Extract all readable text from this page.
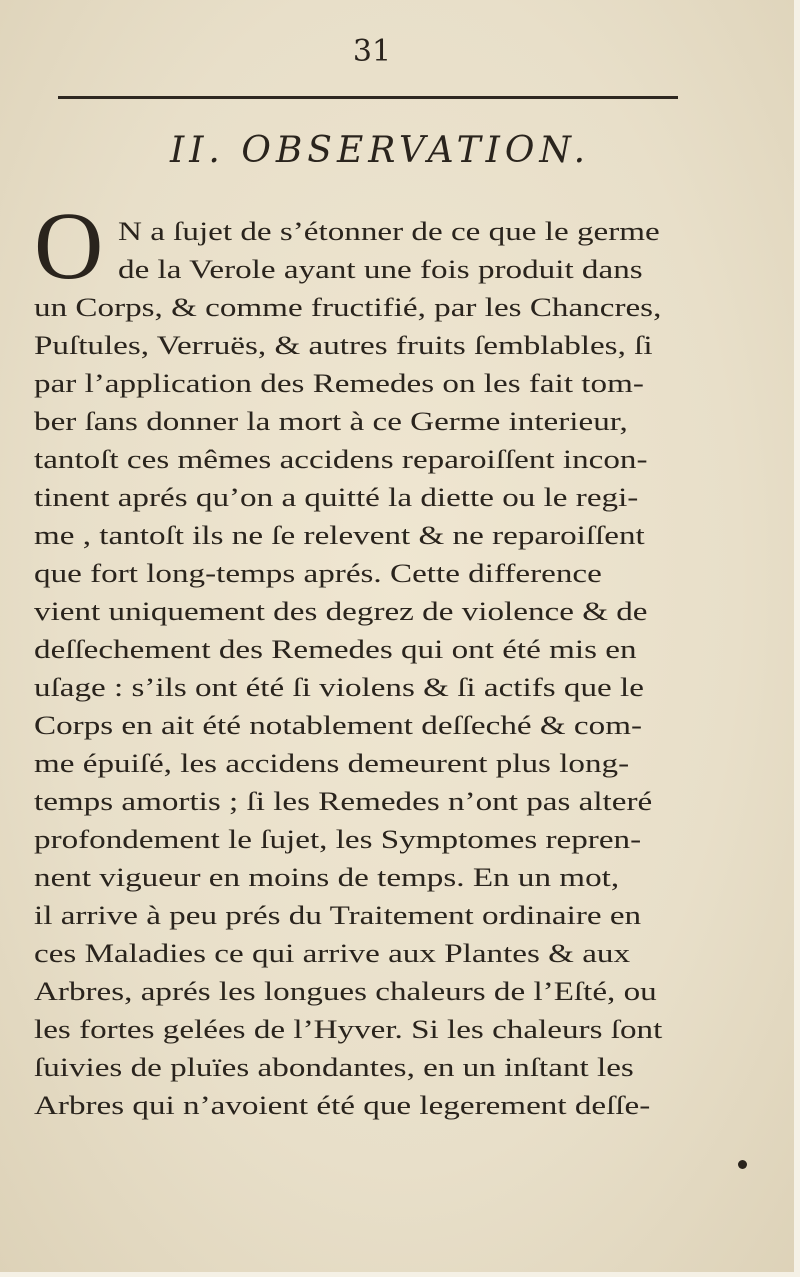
31
II. OBSERVATION.
O N a ſujet de s’étonner de ce que le germe
de la Verole ayant une fois produit dans
un Corps, & comme fructifié, par les Chancres,
Puſtules, Verruës, & autres fruits ſemblables, ſi
par l’application des Remedes on les fait tom-
ber ſans donner la mort à ce Germe interieur,
tantoſt ces mêmes accidens reparoiſſent incon-
tinent aprés qu’on a quitté la diette ou le regi-
me , tantoſt ils ne ſe relevent & ne reparoiſſent
que fort long-temps aprés. Cette difference
vient uniquement des degrez de violence & de
deſſechement des Remedes qui ont été mis en
uſage : s’ils ont été ſi violens & ſi actifs que le
Corps en ait été notablement deſſeché & com-
me épuiſé, les accidens demeurent plus long-
temps amortis ; ſi les Remedes n’ont pas alteré
profondement le ſujet, les Symptomes repren-
nent vigueur en moins de temps. En un mot,
il arrive à peu prés du Traitement ordinaire en
ces Maladies ce qui arrive aux Plantes & aux
Arbres, aprés les longues chaleurs de l’Eſté, ou
les fortes gelées de l’Hyver. Si les chaleurs ſont
ſuivies de pluïes abondantes, en un inſtant les
Arbres qui n’avoient été que legerement deſſe-
